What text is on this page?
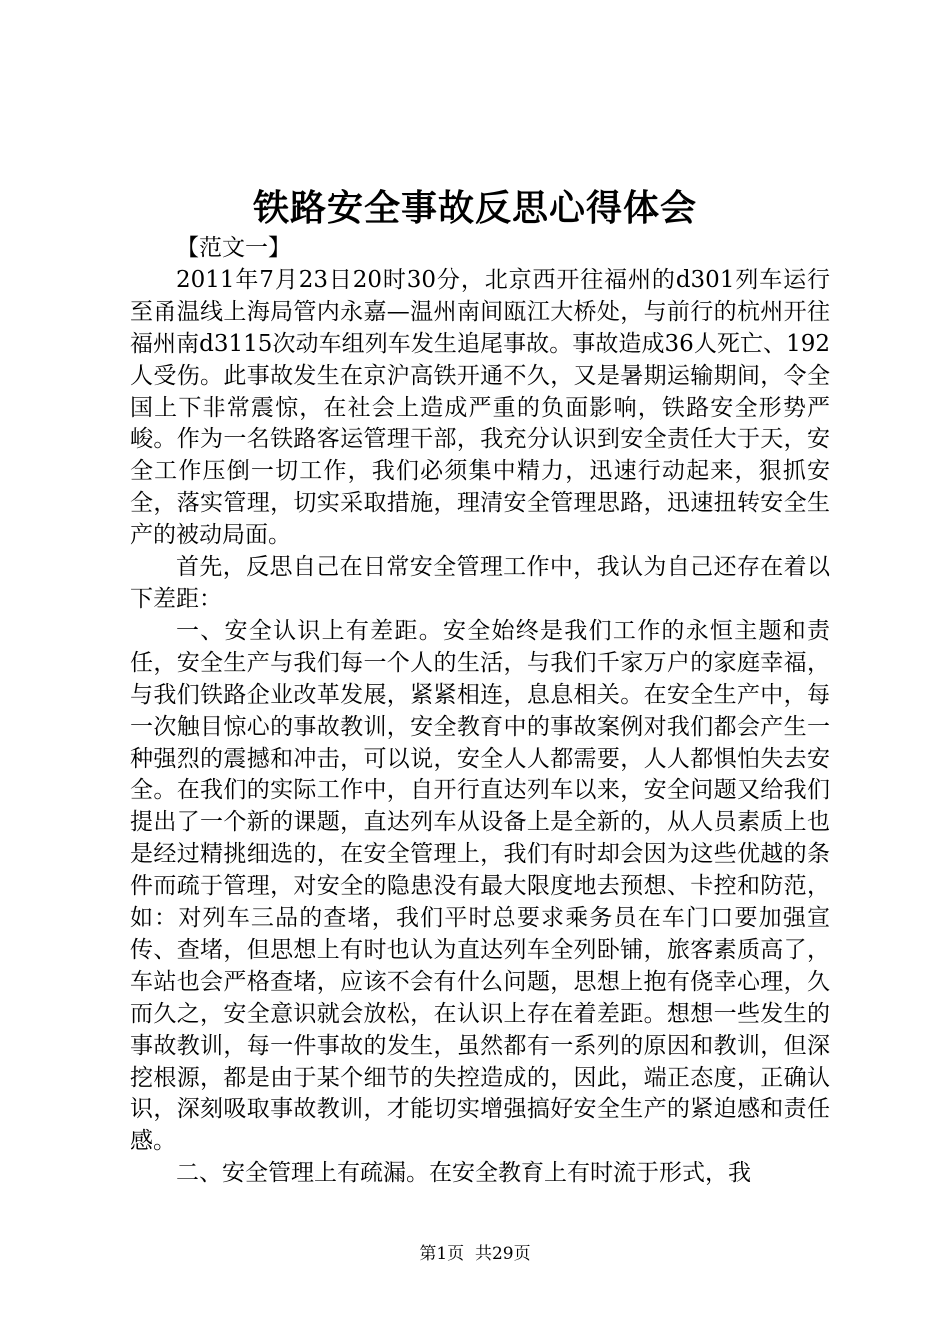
铁路安全事故反思心得体会

【范文一】

2011年7月23日20时30分，北京西开往福州的d301列车运行至甬温线上海局管内永嘉—温州南间瓯江大桥处，与前行的杭州开往福州南d3115次动车组列车发生追尾事故。事故造成36人死亡、192人受伤。此事故发生在京沪高铁开通不久，又是暑期运输期间，令全国上下非常震惊，在社会上造成严重的负面影响，铁路安全形势严峻。作为一名铁路客运管理干部，我充分认识到安全责任大于天，安全工作压倒一切工作，我们必须集中精力，迅速行动起来，狠抓安全，落实管理，切实采取措施，理清安全管理思路，迅速扭转安全生产的被动局面。

首先，反思自己在日常安全管理工作中，我认为自己还存在着以下差距：

一、安全认识上有差距。安全始终是我们工作的永恒主题和责任，安全生产与我们每一个人的生活，与我们千家万户的家庭幸福，与我们铁路企业改革发展，紧紧相连，息息相关。在安全生产中，每一次触目惊心的事故教训，安全教育中的事故案例对我们都会产生一种强烈的震撼和冲击，可以说，安全人人都需要，人人都惧怕失去安全。在我们的实际工作中，自开行直达列车以来，安全问题又给我们提出了一个新的课题，直达列车从设备上是全新的，从人员素质上也是经过精挑细选的，在安全管理上，我们有时却会因为这些优越的条件而疏于管理，对安全的隐患没有最大限度地去预想、卡控和防范，如：对列车三品的查堵，我们平时总要求乘务员在车门口要加强宣传、查堵，但思想上有时也认为直达列车全列卧铺，旅客素质高了，车站也会严格查堵，应该不会有什么问题，思想上抱有侥幸心理，久而久之，安全意识就会放松，在认识上存在着差距。想想一些发生的事故教训，每一件事故的发生，虽然都有一系列的原因和教训，但深挖根源，都是由于某个细节的失控造成的，因此，端正态度，正确认识，深刻吸取事故教训，才能切实增强搞好安全生产的紧迫感和责任感。

二、安全管理上有疏漏。在安全教育上有时流于形式，我

第1页  共29页
